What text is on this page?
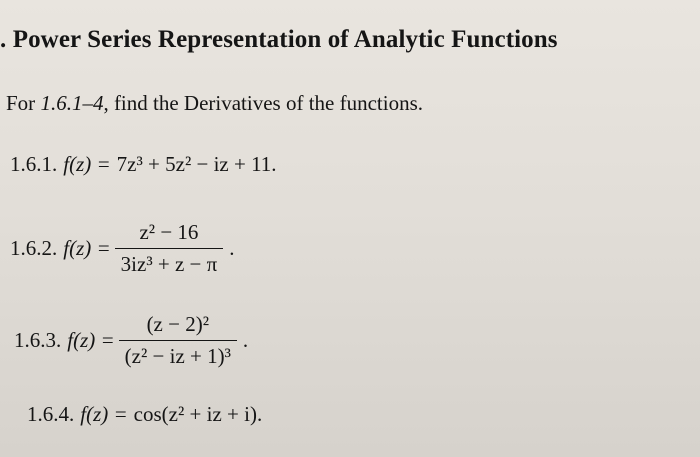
. Power Series Representation of Analytic Functions
For 1.6.1–4, find the Derivatives of the functions.
1.6.1. f(z) = 7z³ + 5z² − iz + 11.
1.6.2. $f(z) = \frac{\text{z² − 16}}{\text{3iz³ + z − π}}$ .
1.6.3. $f(z) = \frac{\text{(z − 2)²}}{\text{(z² − iz + 1)³}}$ .
1.6.4. f(z) = cos(z² + iz + i).
